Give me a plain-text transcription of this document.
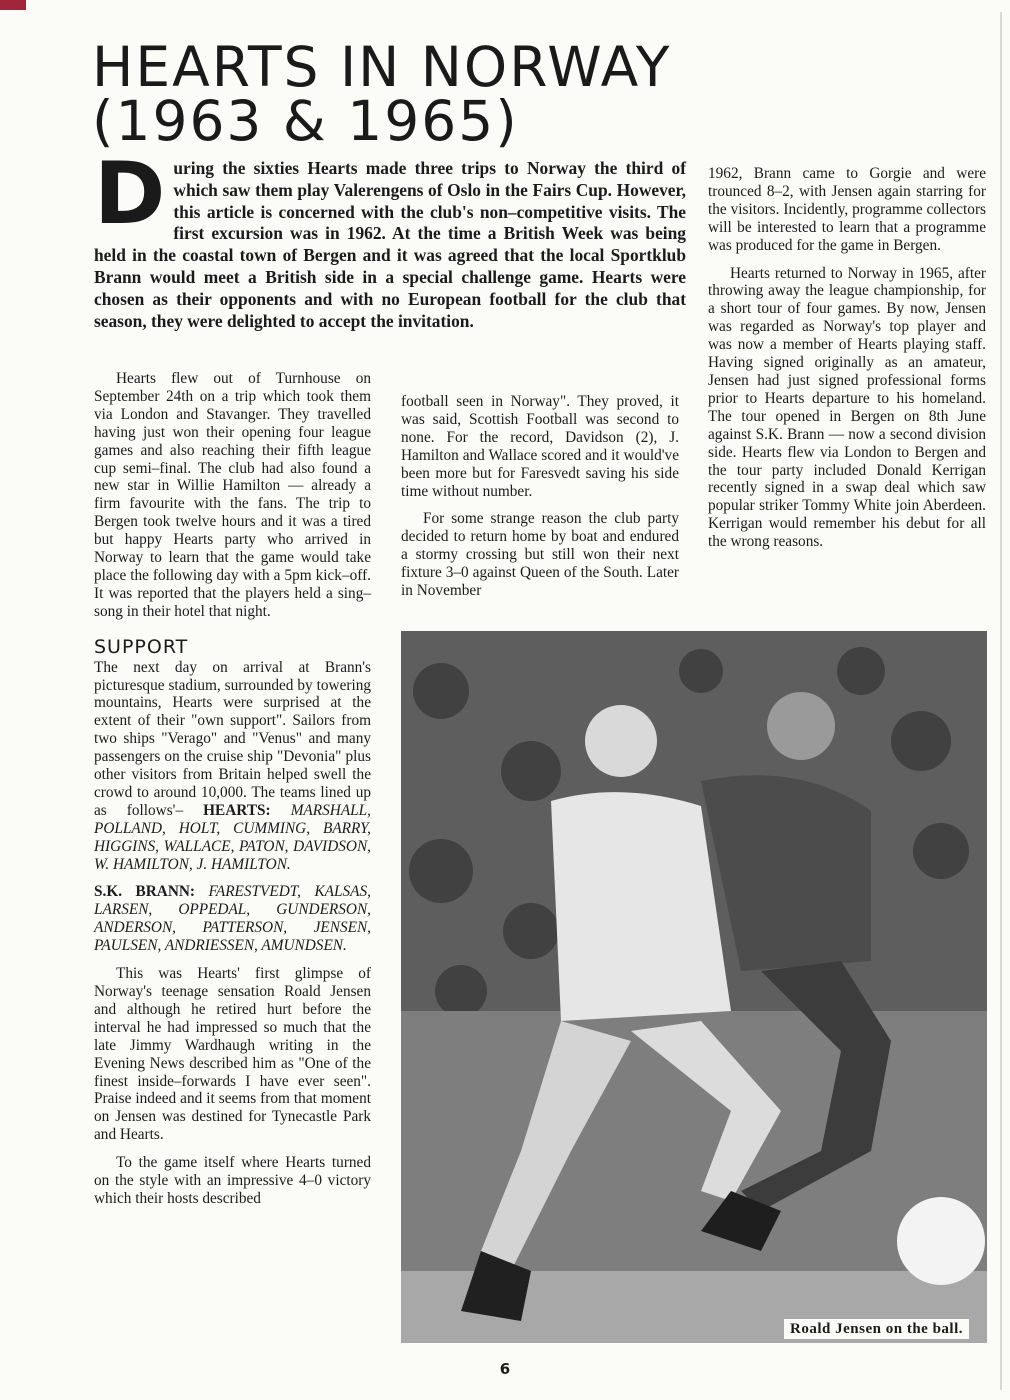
HEARTS IN NORWAY
(1963 & 1965)

During the sixties Hearts made three trips to Norway the third of which saw them play Valerengens of Oslo in the Fairs Cup. However, this article is concerned with the club's non–competitive visits. The first excursion was in 1962. At the time a British Week was being held in the coastal town of Bergen and it was agreed that the local Sportklub Brann would meet a British side in a special challenge game. Hearts were chosen as their opponents and with no European football for the club that season, they were delighted to accept the invitation.

Hearts flew out of Turnhouse on September 24th on a trip which took them via London and Stavanger. They travelled having just won their opening four league games and also reaching their fifth league cup semi–final. The club had also found a new star in Willie Hamilton — already a firm favourite with the fans. The trip to Bergen took twelve hours and it was a tired but happy Hearts party who arrived in Norway to learn that the game would take place the following day with a 5pm kick–off. It was reported that the players held a sing–song in their hotel that night.

SUPPORT

The next day on arrival at Brann's picturesque stadium, surrounded by towering mountains, Hearts were surprised at the extent of their "own support". Sailors from two ships "Verago" and "Venus" and many passengers on the cruise ship "Devonia" plus other visitors from Britain helped swell the crowd to around 10,000. The teams lined up as follows'– HEARTS: MARSHALL, POLLAND, HOLT, CUMMING, BARRY, HIGGINS, WALLACE, PATON, DAVIDSON, W. HAMILTON, J. HAMILTON.

S.K. BRANN: FARESTVEDT, KALSAS, LARSEN, OPPEDAL, GUNDERSON, ANDERSON, PATTERSON, JENSEN, PAULSEN, ANDRIESSEN, AMUNDSEN.

This was Hearts' first glimpse of Norway's teenage sensation Roald Jensen and although he retired hurt before the interval he had impressed so much that the late Jimmy Wardhaugh writing in the Evening News described him as "One of the finest inside–forwards I have ever seen". Praise indeed and it seems from that moment on Jensen was destined for Tynecastle Park and Hearts.

To the game itself where Hearts turned on the style with an impressive 4–0 victory which their hosts described

football seen in Norway". They proved, it was said, Scottish Football was second to none. For the record, Davidson (2), J. Hamilton and Wallace scored and it would've been more but for Faresvedt saving his side time without number.

For some strange reason the club party decided to return home by boat and endured a stormy crossing but still won their next fixture 3–0 against Queen of the South. Later in November

1962, Brann came to Gorgie and were trounced 8–2, with Jensen again starring for the visitors. Incidently, programme collectors will be interested to learn that a programme was produced for the game in Bergen.

Hearts returned to Norway in 1965, after throwing away the league championship, for a short tour of four games. By now, Jensen was regarded as Norway's top player and was now a member of Hearts playing staff. Having signed originally as an amateur, Jensen had just signed professional forms prior to Hearts departure to his homeland. The tour opened in Bergen on 8th June against S.K. Brann — now a second division side. Hearts flew via London to Bergen and the tour party included Donald Kerrigan recently signed in a swap deal which saw popular striker Tommy White join Aberdeen. Kerrigan would remember his debut for all the wrong reasons.

Roald Jensen on the ball.
6
